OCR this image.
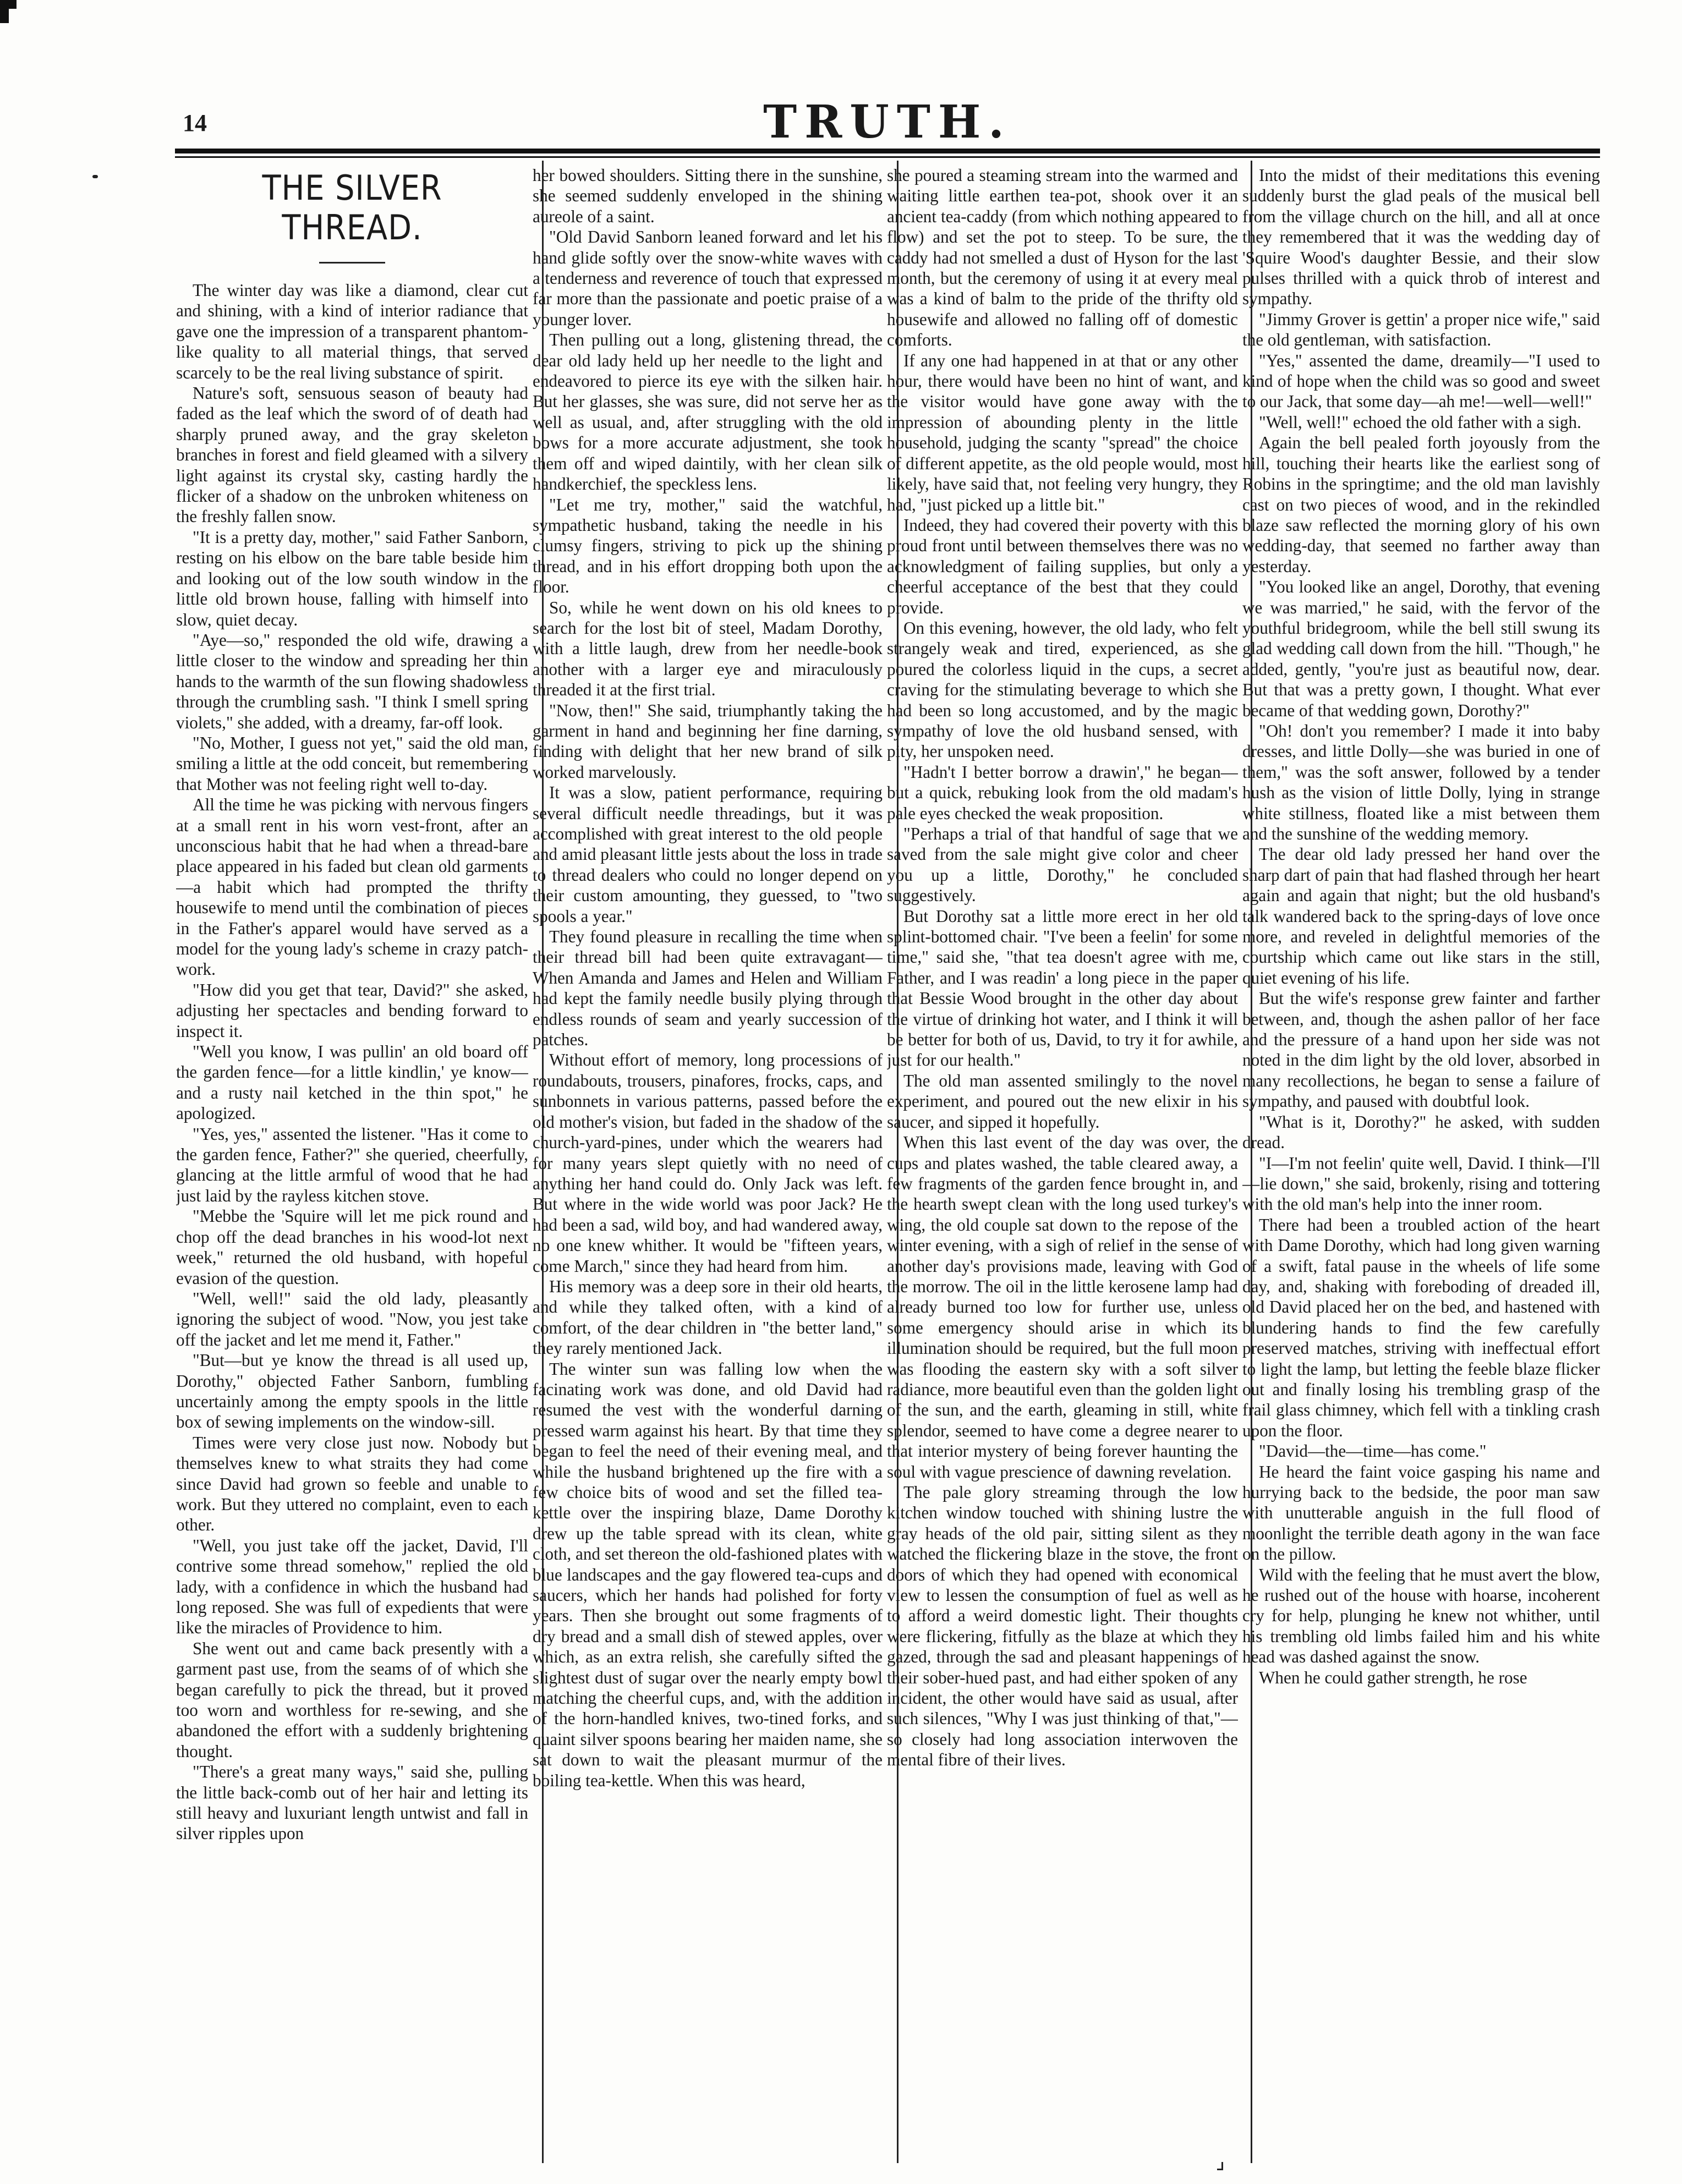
14	TRUTH.
THE SILVER THREAD.

The winter day was like a diamond, clear cut and shining, with a kind of interior radiance that gave one the impression of a transparent phantom-like quality to all material things, that served scarcely to be the real living substance of spirit.

Nature's soft, sensuous season of beauty had faded as the leaf which the sword of of death had sharply pruned away, and the gray skeleton branches in forest and field gleamed with a silvery light against its crystal sky, casting hardly the flicker of a shadow on the unbroken whiteness on the freshly fallen snow.

"It is a pretty day, mother," said Father Sanborn, resting on his elbow on the bare table beside him and looking out of the low south window in the little old brown house, falling with himself into slow, quiet decay.

"Aye—so," responded the old wife, drawing a little closer to the window and spreading her thin hands to the warmth of the sun flowing shadowless through the crumbling sash. "I think I smell spring violets," she added, with a dreamy, far-off look.

"No, Mother, I guess not yet," said the old man, smiling a little at the odd conceit, but remembering that Mother was not feeling right well to-day.

All the time he was picking with nervous fingers at a small rent in his worn vest-front, after an unconscious habit that he had when a thread-bare place appeared in his faded but clean old garments—a habit which had prompted the thrifty housewife to mend until the combination of pieces in the Father's apparel would have served as a model for the young lady's scheme in crazy patch-work.

"How did you get that tear, David?" she asked, adjusting her spectacles and bending forward to inspect it.

"Well you know, I was pullin' an old board off the garden fence—for a little kindlin,' ye know—and a rusty nail ketched in the thin spot," he apologized.

"Yes, yes," assented the listener. "Has it come to the garden fence, Father?" she queried, cheerfully, glancing at the little armful of wood that he had just laid by the rayless kitchen stove.

"Mebbe the 'Squire will let me pick round and chop off the dead branches in his wood-lot next week," returned the old husband, with hopeful evasion of the question.

"Well, well!" said the old lady, pleasantly ignoring the subject of wood. "Now, you jest take off the jacket and let me mend it, Father."

"But—but ye know the thread is all used up, Dorothy," objected Father Sanborn, fumbling uncertainly among the empty spools in the little box of sewing implements on the window-sill.

Times were very close just now. Nobody but themselves knew to what straits they had come since David had grown so feeble and unable to work. But they uttered no complaint, even to each other.

"Well, you just take off the jacket, David, I'll contrive some thread somehow," replied the old lady, with a confidence in which the husband had long reposed. She was full of expedients that were like the miracles of Providence to him.

She went out and came back presently with a garment past use, from the seams of of which she began carefully to pick the thread, but it proved too worn and worthless for re-sewing, and she abandoned the effort with a suddenly brightening thought.

"There's a great many ways," said she, pulling the little back-comb out of her hair and letting its still heavy and luxuriant length untwist and fall in silver ripples upon

her bowed shoulders. Sitting there in the sunshine, she seemed suddenly enveloped in the shining aureole of a saint.

"Old David Sanborn leaned forward and let his hand glide softly over the snow-white waves with a tenderness and reverence of touch that expressed far more than the passionate and poetic praise of a younger lover.

Then pulling out a long, glistening thread, the dear old lady held up her needle to the light and endeavored to pierce its eye with the silken hair. But her glasses, she was sure, did not serve her as well as usual, and, after struggling with the old bows for a more accurate adjustment, she took them off and wiped daintily, with her clean silk handkerchief, the speckless lens.

"Let me try, mother," said the watchful, sympathetic husband, taking the needle in his clumsy fingers, striving to pick up the shining thread, and in his effort dropping both upon the floor.

So, while he went down on his old knees to search for the lost bit of steel, Madam Dorothy, with a little laugh, drew from her needle-book another with a larger eye and miraculously threaded it at the first trial.

"Now, then!" She said, triumphantly taking the garment in hand and beginning her fine darning, finding with delight that her new brand of silk worked marvelously.

It was a slow, patient performance, requiring several difficult needle threadings, but it was accomplished with great interest to the old people and amid pleasant little jests about the loss in trade to thread dealers who could no longer depend on their custom amounting, they guessed, to "two spools a year."

They found pleasure in recalling the time when their thread bill had been quite extravagant—When Amanda and James and Helen and William had kept the family needle busily plying through endless rounds of seam and yearly succession of patches.

Without effort of memory, long processions of roundabouts, trousers, pinafores, frocks, caps, and sunbonnets in various patterns, passed before the old mother's vision, but faded in the shadow of the church-yard-pines, under which the wearers had for many years slept quietly with no need of anything her hand could do. Only Jack was left. But where in the wide world was poor Jack? He had been a sad, wild boy, and had wandered away, no one knew whither. It would be "fifteen years, come March," since they had heard from him.

His memory was a deep sore in their old hearts, and while they talked often, with a kind of comfort, of the dear children in "the better land," they rarely mentioned Jack.

The winter sun was falling low when the facinating work was done, and old David had resumed the vest with the wonderful darning pressed warm against his heart. By that time they began to feel the need of their evening meal, and while the husband brightened up the fire with a few choice bits of wood and set the filled tea-kettle over the inspiring blaze, Dame Dorothy drew up the table spread with its clean, white cloth, and set thereon the old-fashioned plates with blue landscapes and the gay flowered tea-cups and saucers, which her hands had polished for forty years. Then she brought out some fragments of dry bread and a small dish of stewed apples, over which, as an extra relish, she carefully sifted the slightest dust of sugar over the nearly empty bowl matching the cheerful cups, and, with the addition of the horn-handled knives, two-tined forks, and quaint silver spoons bearing her maiden name, she sat down to wait the pleasant murmur of the boiling tea-kettle. When this was heard,

she poured a steaming stream into the warmed and waiting little earthen tea-pot, shook over it an ancient tea-caddy (from which nothing appeared to flow) and set the pot to steep. To be sure, the caddy had not smelled a dust of Hyson for the last month, but the ceremony of using it at every meal was a kind of balm to the pride of the thrifty old housewife and allowed no falling off of domestic comforts.

If any one had happened in at that or any other hour, there would have been no hint of want, and the visitor would have gone away with the impression of abounding plenty in the little household, judging the scanty "spread" the choice of different appetite, as the old people would, most likely, have said that, not feeling very hungry, they had, "just picked up a little bit."

Indeed, they had covered their poverty with this proud front until between themselves there was no acknowledgment of failing supplies, but only a cheerful acceptance of the best that they could provide.

On this evening, however, the old lady, who felt strangely weak and tired, experienced, as she poured the colorless liquid in the cups, a secret craving for the stimulating beverage to which she had been so long accustomed, and by the magic sympathy of love the old husband sensed, with pity, her unspoken need.

"Hadn't I better borrow a drawin'," he began—but a quick, rebuking look from the old madam's pale eyes checked the weak proposition.

"Perhaps a trial of that handful of sage that we saved from the sale might give color and cheer you up a little, Dorothy," he concluded suggestively.

But Dorothy sat a little more erect in her old splint-bottomed chair. "I've been a feelin' for some time," said she, "that tea doesn't agree with me, Father, and I was readin' a long piece in the paper that Bessie Wood brought in the other day about the virtue of drinking hot water, and I think it will be better for both of us, David, to try it for awhile, just for our health."

The old man assented smilingly to the novel experiment, and poured out the new elixir in his saucer, and sipped it hopefully.

When this last event of the day was over, the cups and plates washed, the table cleared away, a few fragments of the garden fence brought in, and the hearth swept clean with the long used turkey's wing, the old couple sat down to the repose of the winter evening, with a sigh of relief in the sense of another day's provisions made, leaving with God the morrow. The oil in the little kerosene lamp had already burned too low for further use, unless some emergency should arise in which its illumination should be required, but the full moon was flooding the eastern sky with a soft silver radiance, more beautiful even than the golden light of the sun, and the earth, gleaming in still, white splendor, seemed to have come a degree nearer to that interior mystery of being forever haunting the soul with vague prescience of dawning revelation.

The pale glory streaming through the low kitchen window touched with shining lustre the gray heads of the old pair, sitting silent as they watched the flickering blaze in the stove, the front doors of which they had opened with economical view to lessen the consumption of fuel as well as to afford a weird domestic light. Their thoughts were flickering, fitfully as the blaze at which they gazed, through the sad and pleasant happenings of their sober-hued past, and had either spoken of any incident, the other would have said as usual, after such silences, "Why I was just thinking of that,"—so closely had long association interwoven the mental fibre of their lives.

Into the midst of their meditations this evening suddenly burst the glad peals of the musical bell from the village church on the hill, and all at once they remembered that it was the wedding day of 'Squire Wood's daughter Bessie, and their slow pulses thrilled with a quick throb of interest and sympathy.

"Jimmy Grover is gettin' a proper nice wife," said the old gentleman, with satisfaction.

"Yes," assented the dame, dreamily—"I used to kind of hope when the child was so good and sweet to our Jack, that some day—ah me!—well—well!"

"Well, well!" echoed the old father with a sigh.

Again the bell pealed forth joyously from the hill, touching their hearts like the earliest song of Robins in the springtime; and the old man lavishly cast on two pieces of wood, and in the rekindled blaze saw reflected the morning glory of his own wedding-day, that seemed no farther away than yesterday.

"You looked like an angel, Dorothy, that evening we was married," he said, with the fervor of the youthful bridegroom, while the bell still swung its glad wedding call down from the hill. "Though," he added, gently, "you're just as beautiful now, dear. But that was a pretty gown, I thought. What ever became of that wedding gown, Dorothy?"

"Oh! don't you remember? I made it into baby dresses, and little Dolly—she was buried in one of them," was the soft answer, followed by a tender hush as the vision of little Dolly, lying in strange white stillness, floated like a mist between them and the sunshine of the wedding memory.

The dear old lady pressed her hand over the sharp dart of pain that had flashed through her heart again and again that night; but the old husband's talk wandered back to the spring-days of love once more, and reveled in delightful memories of the courtship which came out like stars in the still, quiet evening of his life.

But the wife's response grew fainter and farther between, and, though the ashen pallor of her face and the pressure of a hand upon her side was not noted in the dim light by the old lover, absorbed in many recollections, he began to sense a failure of sympathy, and paused with doubtful look.

"What is it, Dorothy?" he asked, with sudden dread.

"I—I'm not feelin' quite well, David. I think—I'll—lie down," she said, brokenly, rising and tottering with the old man's help into the inner room.

There had been a troubled action of the heart with Dame Dorothy, which had long given warning of a swift, fatal pause in the wheels of life some day, and, shaking with foreboding of dreaded ill, old David placed her on the bed, and hastened with blundering hands to find the few carefully preserved matches, striving with ineffectual effort to light the lamp, but letting the feeble blaze flicker out and finally losing his trembling grasp of the frail glass chimney, which fell with a tinkling crash upon the floor.

"David—the—time—has come."

He heard the faint voice gasping his name and hurrying back to the bedside, the poor man saw with unutterable anguish in the full flood of moonlight the terrible death agony in the wan face on the pillow.

Wild with the feeling that he must avert the blow, he rushed out of the house with hoarse, incoherent cry for help, plunging he knew not whither, until his trembling old limbs failed him and his white head was dashed against the snow.

When he could gather strength, he rose
